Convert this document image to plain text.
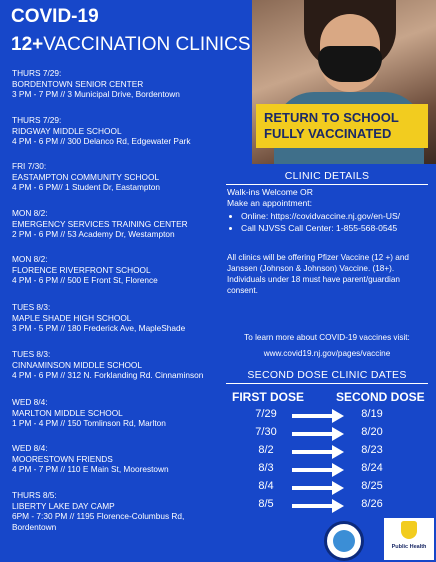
COVID-19
12+VACCINATION CLINICS
RETURN TO SCHOOL FULLY VACCINATED
THURS 7/29:
BORDENTOWN SENIOR CENTER
3 PM - 7 PM // 3 Municipal Drive, Bordentown
THURS 7/29:
RIDGWAY MIDDLE SCHOOL
4 PM - 6 PM // 300 Delanco Rd, Edgewater Park
FRI 7/30:
EASTAMPTON COMMUNITY SCHOOL
4 PM - 6 PM// 1 Student Dr, Eastampton
MON 8/2:
EMERGENCY SERVICES TRAINING CENTER
2 PM - 6 PM // 53 Academy Dr, Westampton
MON 8/2:
FLORENCE RIVERFRONT SCHOOL
4 PM - 6 PM // 500 E Front St, Florence
TUES 8/3:
MAPLE SHADE HIGH SCHOOL
3 PM - 5 PM // 180 Frederick Ave, MapleShade
TUES 8/3:
CINNAMINSON MIDDLE SCHOOL
4 PM - 6 PM // 312 N. Forklanding Rd. Cinnaminson
WED 8/4:
MARLTON MIDDLE SCHOOL
1 PM - 4 PM // 150 Tomlinson Rd, Marlton
WED 8/4:
MOORESTOWN FRIENDS
4 PM - 7 PM // 110 E Main St, Moorestown
THURS 8/5:
LIBERTY LAKE DAY CAMP
6PM - 7:30 PM // 1195 Florence-Columbus Rd,
Bordentown
CLINIC DETAILS
Walk-ins Welcome OR
Make an appointment:
• Online: https://covidvaccine.nj.gov/en-US/
• Call NJVSS Call Center: 1-855-568-0545
All clinics will be offering Pfizer Vaccine (12 +) and Janssen (Johnson & Johnson) Vaccine. (18+).
Individuals under 18 must have parent/guardian consent.
To learn more about COVID-19 vaccines visit:
www.covid19.nj.gov/pages/vaccine
SECOND DOSE CLINIC DATES
FIRST DOSE	SECOND DOSE
7/29	8/19
7/30	8/20
8/2	8/23
8/3	8/24
8/4	8/25
8/5	8/26
Public Health
